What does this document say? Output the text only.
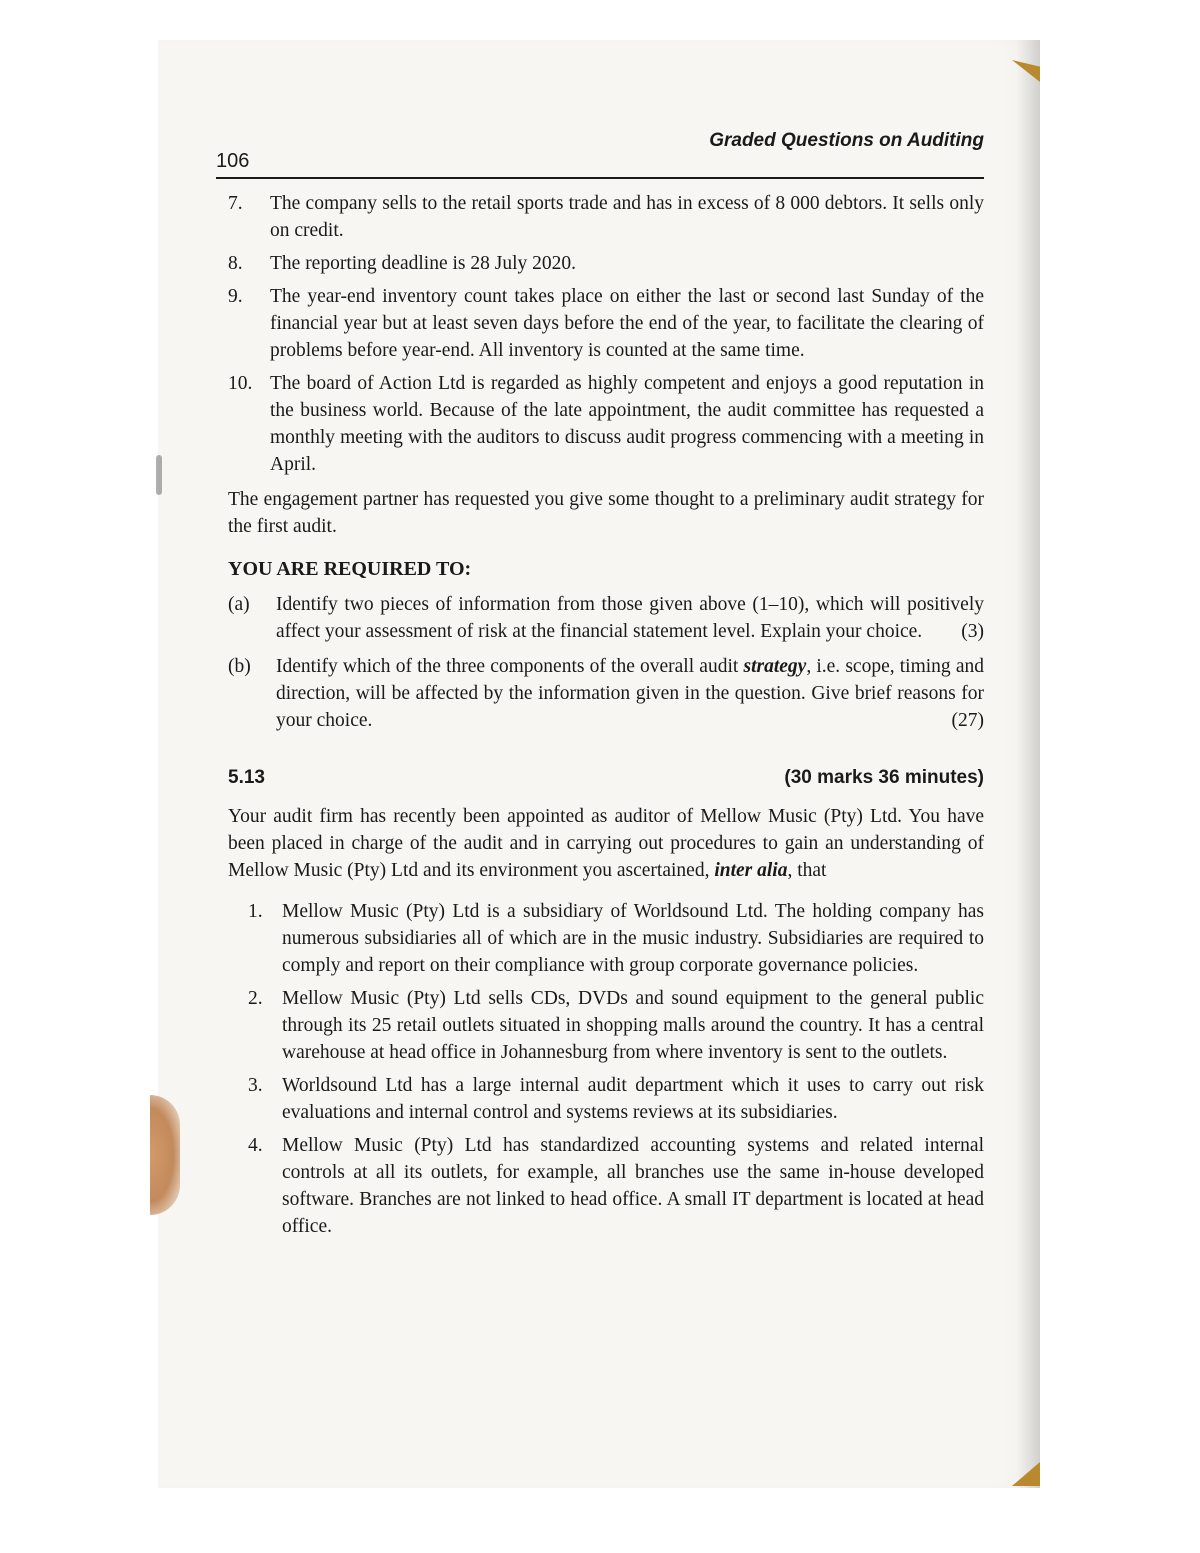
106
Graded Questions on Auditing
7. The company sells to the retail sports trade and has in excess of 8 000 debtors. It sells only on credit.
8. The reporting deadline is 28 July 2020.
9. The year-end inventory count takes place on either the last or second last Sunday of the financial year but at least seven days before the end of the year, to facilitate the clearing of problems before year-end. All inventory is counted at the same time.
10. The board of Action Ltd is regarded as highly competent and enjoys a good reputation in the business world. Because of the late appointment, the audit committee has requested a monthly meeting with the auditors to discuss audit progress commencing with a meeting in April.

The engagement partner has requested you give some thought to a preliminary audit strategy for the first audit.

YOU ARE REQUIRED TO:
(a) Identify two pieces of information from those given above (1–10), which will positively affect your assessment of risk at the financial statement level. Explain your choice. (3)
(b) Identify which of the three components of the overall audit strategy, i.e. scope, timing and direction, will be affected by the information given in the question. Give brief reasons for your choice.	(27)
5.13	(30 marks 36 minutes)

Your audit firm has recently been appointed as auditor of Mellow Music (Pty) Ltd. You have been placed in charge of the audit and in carrying out procedures to gain an understanding of Mellow Music (Pty) Ltd and its environment you ascertained, inter alia, that

1. Mellow Music (Pty) Ltd is a subsidiary of Worldsound Ltd. The holding company has numerous subsidiaries all of which are in the music industry. Subsidiaries are required to comply and report on their compliance with group corporate governance policies.
2. Mellow Music (Pty) Ltd sells CDs, DVDs and sound equipment to the general public through its 25 retail outlets situated in shopping malls around the country. It has a central warehouse at head office in Johannesburg from where inventory is sent to the outlets.
3. Worldsound Ltd has a large internal audit department which it uses to carry out risk evaluations and internal control and systems reviews at its subsidiaries.
4. Mellow Music (Pty) Ltd has standardized accounting systems and related internal controls at all its outlets, for example, all branches use the same in-house developed software. Branches are not linked to head office. A small IT department is located at head office.
